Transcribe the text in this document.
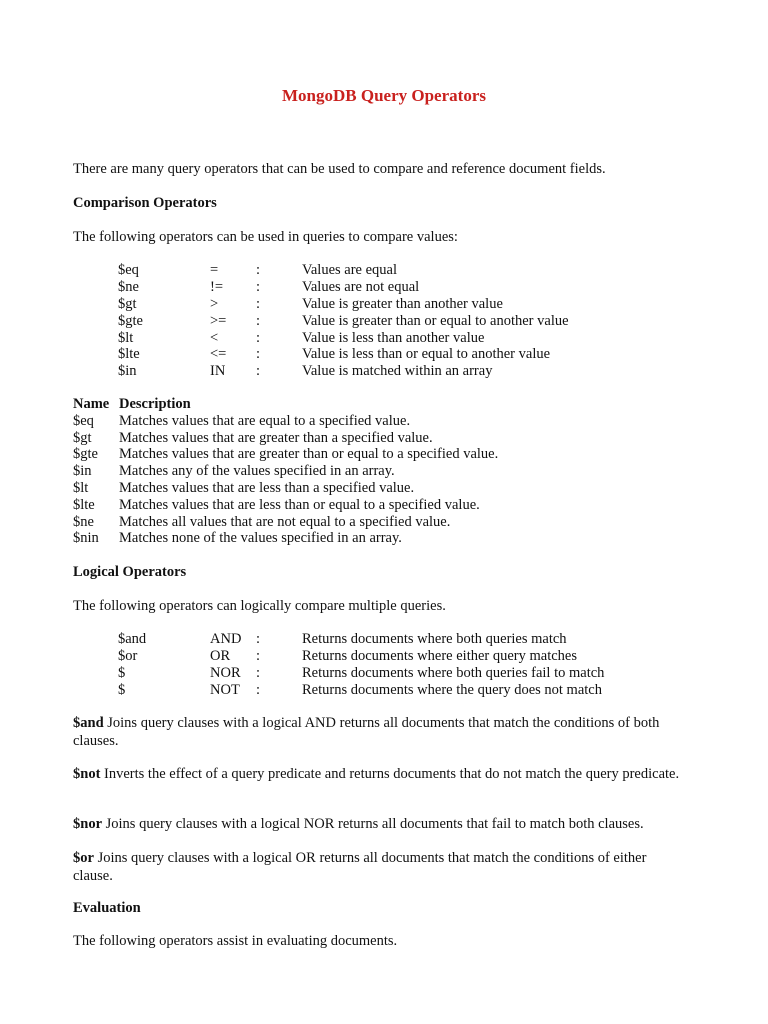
MongoDB Query Operators
There are many query operators that can be used to compare and reference document fields.
Comparison Operators
The following operators can be used in queries to compare values:
$eq	=	:	Values are equal
$ne	!= :	Values are not equal
$gt	>	:	Value is greater than another value
$gte	>= :	Value is greater than or equal to another value
$lt	<	:	Value is less than another value
$lte	<= :	Value is less than or equal to another value
$in	IN :	Value is matched within an array
Name Description
$eq Matches values that are equal to a specified value.
$gt Matches values that are greater than a specified value.
$gte Matches values that are greater than or equal to a specified value.
$in Matches any of the values specified in an array.
$lt Matches values that are less than a specified value.
$lte Matches values that are less than or equal to a specified value.
$ne Matches all values that are not equal to a specified value.
$nin Matches none of the values specified in an array.
Logical Operators
The following operators can logically compare multiple queries.
$and	AND :	Returns documents where both queries match
$or	OR :	Returns documents where either query matches
$	NOR :	Returns documents where both queries fail to match
$	NOT :	Returns documents where the query does not match
$and Joins query clauses with a logical AND returns all documents that match the conditions of both clauses.
$not Inverts the effect of a query predicate and returns documents that do not match the query predicate.
$nor Joins query clauses with a logical NOR returns all documents that fail to match both clauses.
$or Joins query clauses with a logical OR returns all documents that match the conditions of either clause.
Evaluation
The following operators assist in evaluating documents.
